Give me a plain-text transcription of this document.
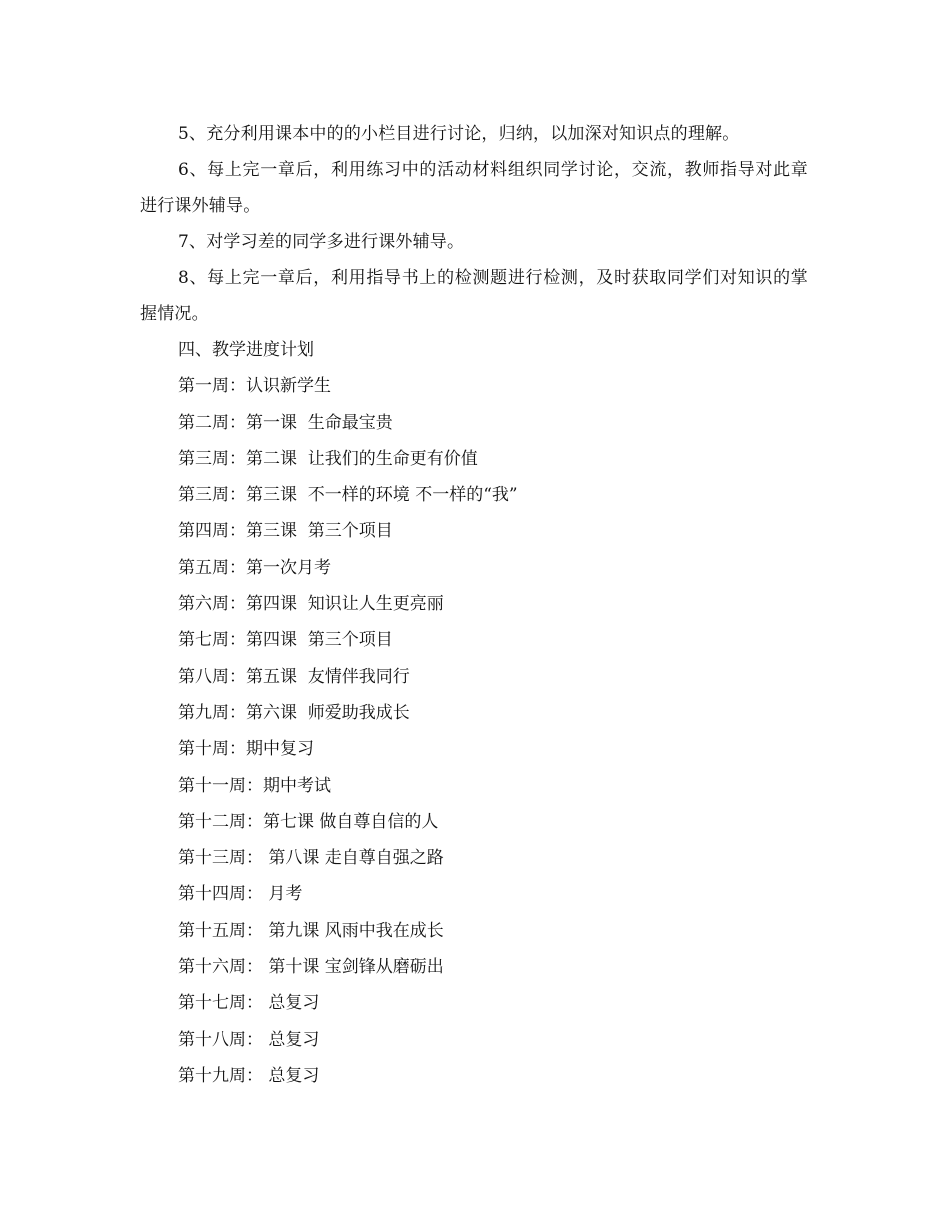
5、充分利用课本中的的小栏目进行讨论，归纳，以加深对知识点的理解。

6、每上完一章后，利用练习中的活动材料组织同学讨论，交流，教师指导对此章进行课外辅导。

7、对学习差的同学多进行课外辅导。

8、每上完一章后，利用指导书上的检测题进行检测，及时获取同学们对知识的掌握情况。

四、教学进度计划

第一周：认识新学生

第二周：第一课  生命最宝贵

第三周：第二课  让我们的生命更有价值

第三周：第三课  不一样的环境 不一样的“我”

第四周：第三课  第三个项目

第五周：第一次月考

第六周：第四课  知识让人生更亮丽

第七周：第四课  第三个项目

第八周：第五课  友情伴我同行

第九周：第六课  师爱助我成长

第十周：期中复习

第十一周：期中考试

第十二周：第七课 做自尊自信的人

第十三周： 第八课 走自尊自强之路

第十四周： 月考

第十五周： 第九课 风雨中我在成长

第十六周： 第十课 宝剑锋从磨砺出

第十七周： 总复习

第十八周： 总复习

第十九周： 总复习
